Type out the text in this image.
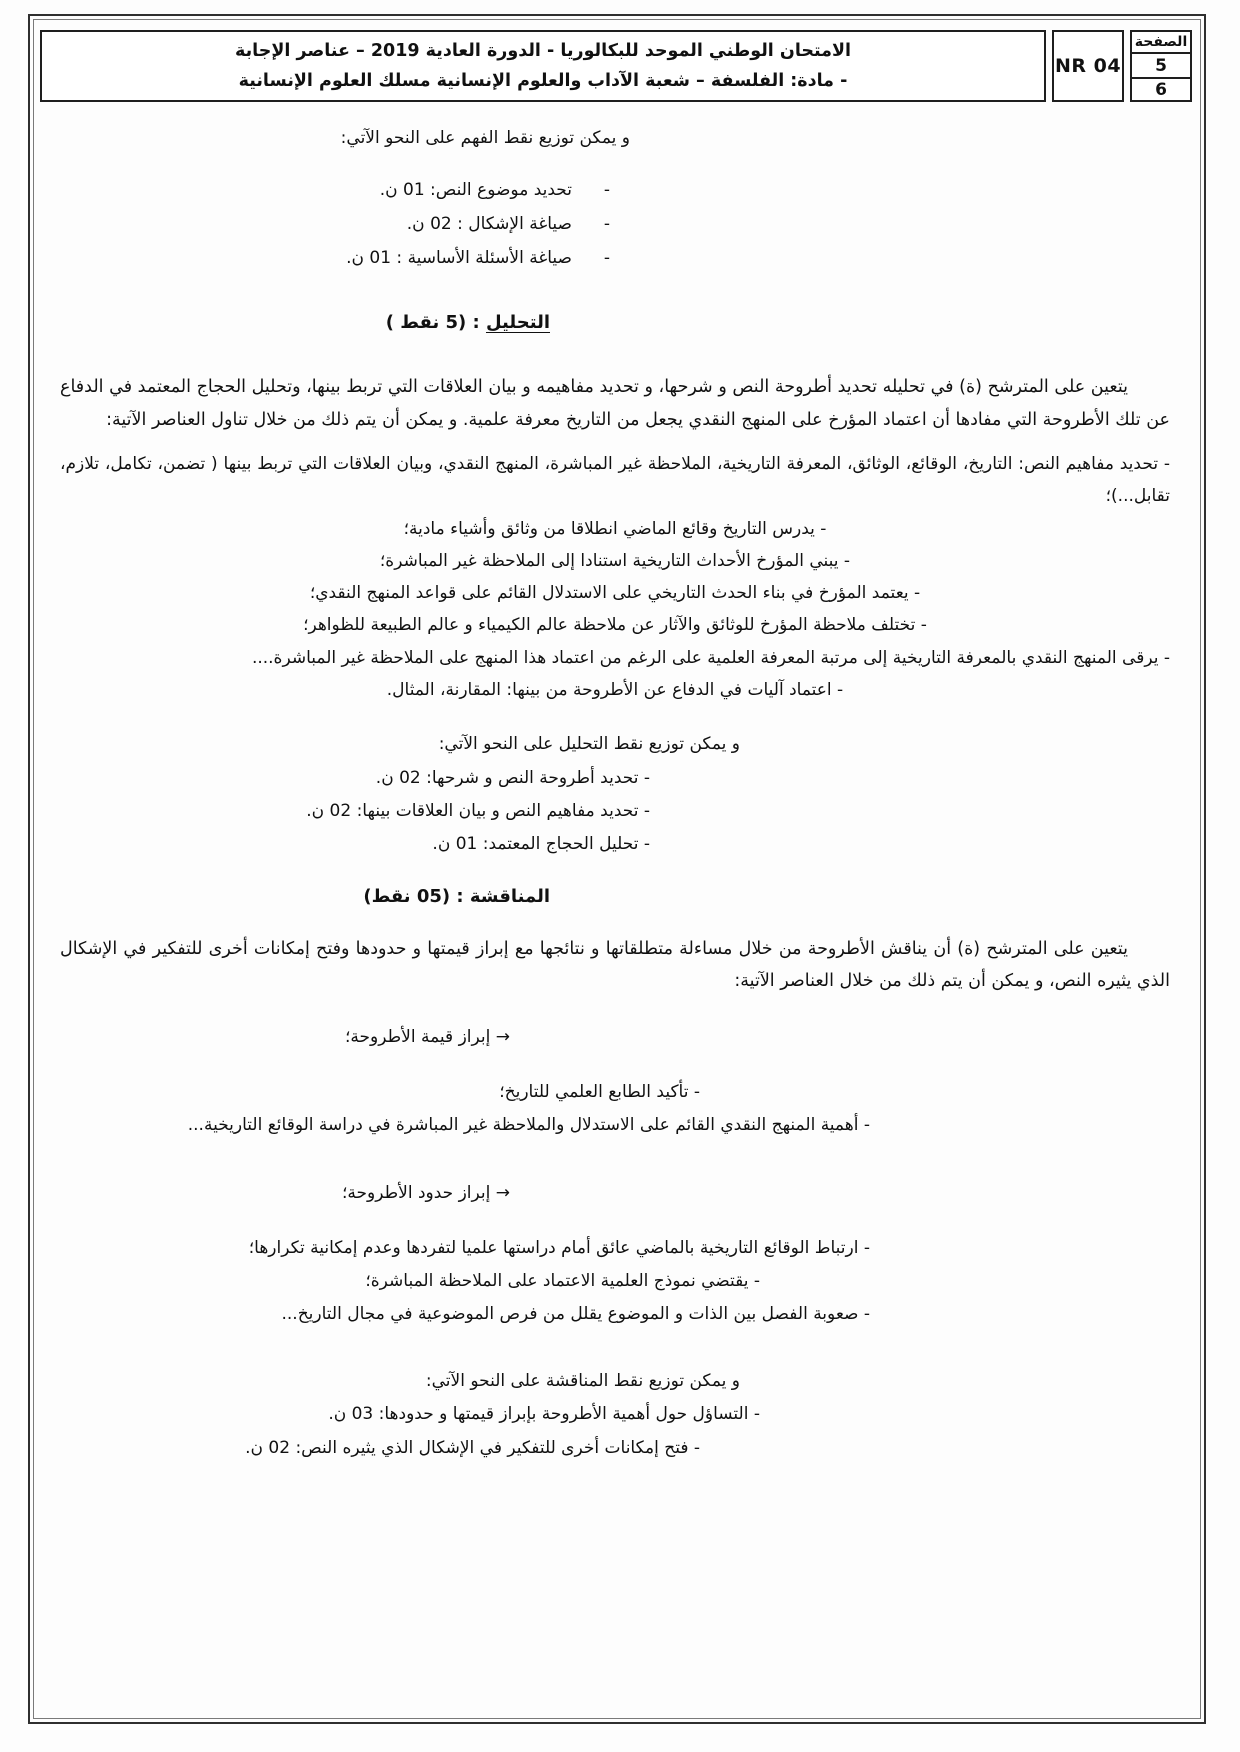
الصفحة
5
6
NR 04
الامتحان الوطني الموحد للبكالوريا - الدورة العادية 2019 – عناصر الإجابة
- مادة: الفلسفة – شعبة الآداب والعلوم الإنسانية مسلك العلوم الإنسانية
و يمكن توزيع نقط الفهم على النحو الآتي:
-
تحديد موضوع النص: 01 ن.
-
صياغة الإشكال : 02 ن.
-
صياغة الأسئلة الأساسية : 01 ن.
التحليل : (5 نقط )
يتعين على المترشح (ة) في تحليله تحديد أطروحة النص و شرحها، و تحديد مفاهيمه و بيان العلاقات التي تربط بينها، وتحليل الحجاج المعتمد في الدفاع عن تلك الأطروحة التي مفادها أن اعتماد المؤرخ على المنهج النقدي يجعل من التاريخ معرفة علمية. و يمكن أن يتم ذلك من خلال تناول العناصر الآتية:
- تحديد مفاهيم النص: التاريخ، الوقائع، الوثائق، المعرفة التاريخية، الملاحظة غير المباشرة، المنهج النقدي، وبيان العلاقات التي تربط بينها ( تضمن، تكامل، تلازم، تقابل...)؛
- يدرس التاريخ وقائع الماضي انطلاقا من وثائق وأشياء مادية؛
- يبني المؤرخ الأحداث التاريخية استنادا إلى الملاحظة غير المباشرة؛
- يعتمد المؤرخ في بناء الحدث التاريخي على الاستدلال القائم على قواعد المنهج النقدي؛
- تختلف ملاحظة المؤرخ للوثائق والآثار عن ملاحظة عالم الكيمياء و عالم الطبيعة للظواهر؛
- يرقى المنهج النقدي بالمعرفة التاريخية إلى مرتبة المعرفة العلمية على الرغم من اعتماد هذا المنهج على الملاحظة غير المباشرة....
- اعتماد آليات في الدفاع عن الأطروحة من بينها: المقارنة، المثال.
و يمكن توزيع نقط التحليل على النحو الآتي:
- تحديد أطروحة النص و شرحها: 02 ن.
- تحديد مفاهيم النص و بيان العلاقات بينها: 02 ن.
- تحليل الحجاج المعتمد: 01 ن.
المناقشة : (05 نقط)
يتعين على المترشح (ة) أن يناقش الأطروحة من خلال مساءلة متطلقاتها و نتائجها مع إبراز قيمتها و حدودها وفتح إمكانات أخرى للتفكير في الإشكال الذي يثيره النص، و يمكن أن يتم ذلك من خلال العناصر الآتية:
→ إبراز قيمة الأطروحة؛
- تأكيد الطابع العلمي للتاريخ؛
- أهمية المنهج النقدي القائم على الاستدلال والملاحظة غير المباشرة في دراسة الوقائع التاريخية...
→ إبراز حدود الأطروحة؛
- ارتباط الوقائع التاريخية بالماضي عائق أمام دراستها علميا لتفردها وعدم إمكانية تكرارها؛
- يقتضي نموذج العلمية الاعتماد على الملاحظة المباشرة؛
- صعوبة الفصل بين الذات و الموضوع يقلل من فرص الموضوعية في مجال التاريخ...
و يمكن توزيع نقط المناقشة على النحو الآتي:
- التساؤل حول أهمية الأطروحة بإبراز قيمتها و حدودها: 03 ن.
- فتح إمكانات أخرى للتفكير في الإشكال الذي يثيره النص: 02 ن.
